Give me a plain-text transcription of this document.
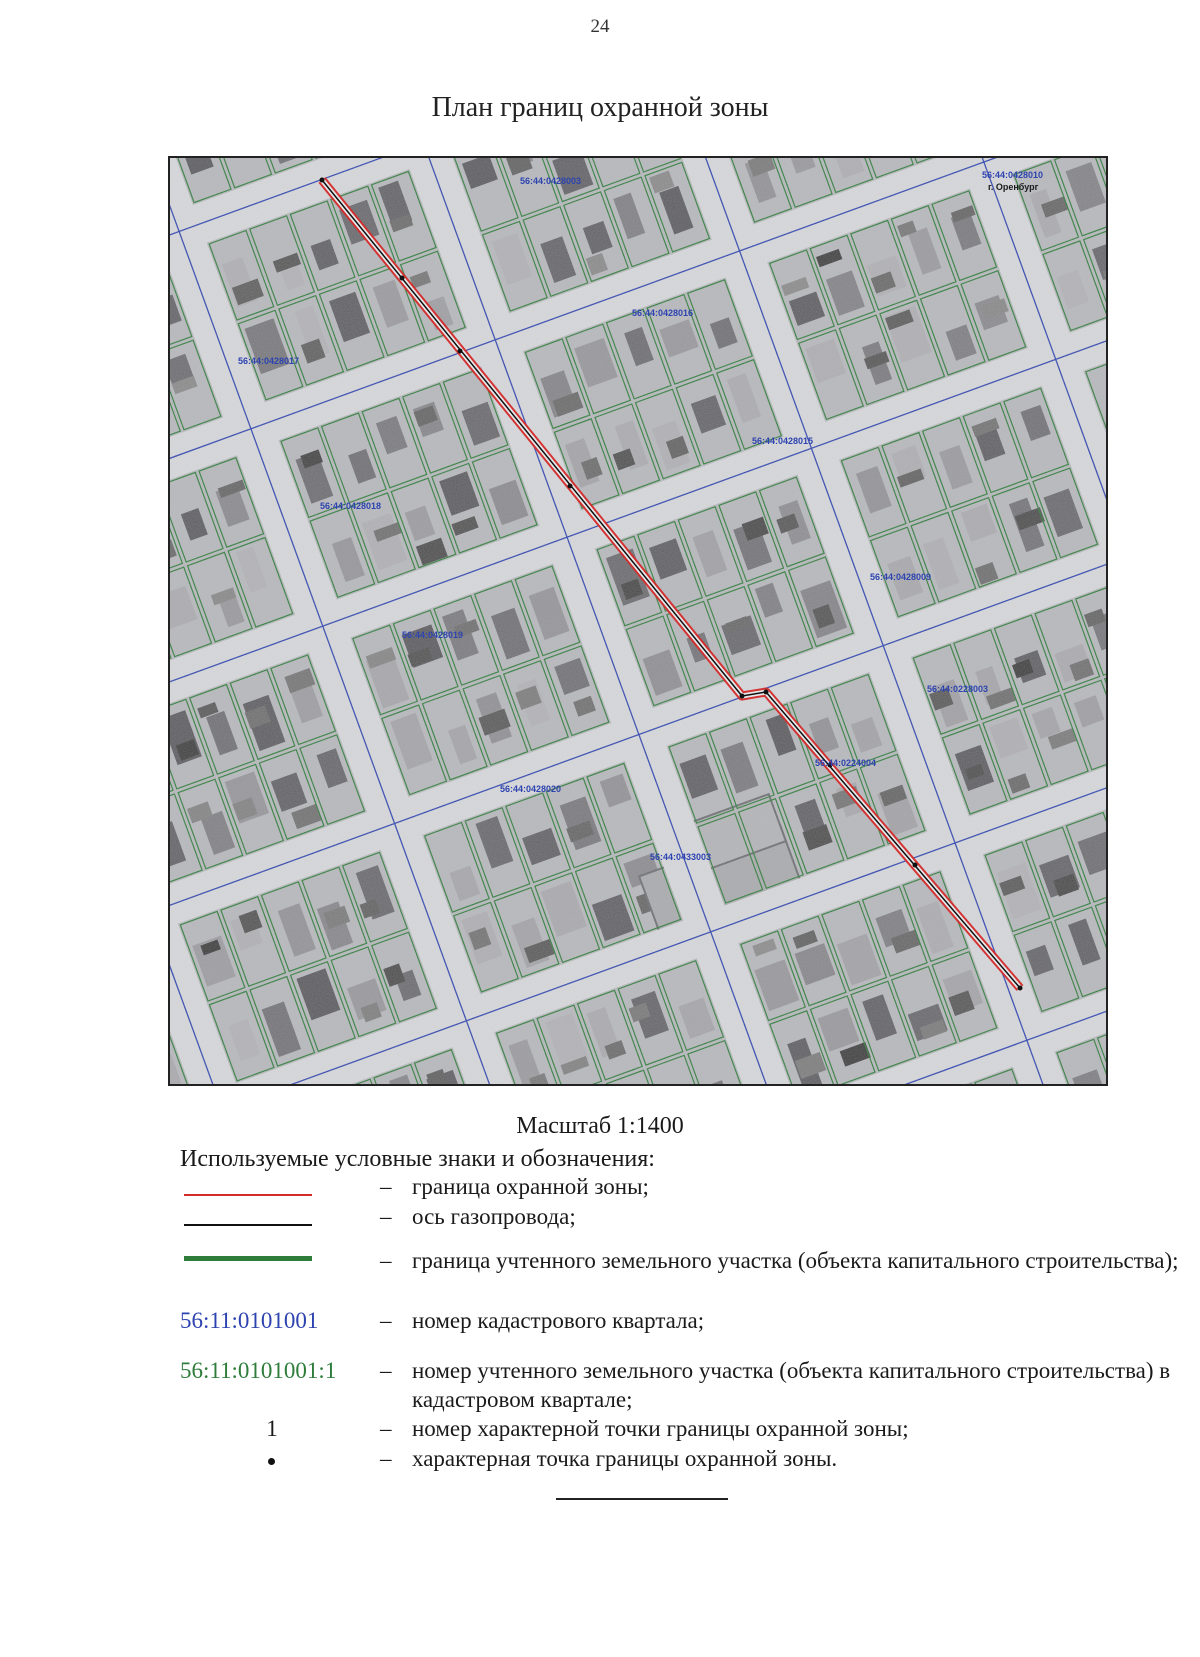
24
План границ охранной зоны
56:44:0428003
56:44:0428010
г. Оренбург
56:44:0428016
56:44:0428017
56:44:0428015
56:44:0428018
56:44:0428009
56:44:0428019
56:44:0228003
56:44:0428020
56:44:0224004
56:44:0433003
Масштаб 1:1400
Используемые условные знаки и обозначения:
– граница охранной зоны;
– ось газопровода;
– граница учтенного земельного участка (объекта капитального строительства);
56:11:0101001	– номер кадастрового квартала;
56:11:0101001:1 – номер учтенного земельного участка (объекта капитального строительства) в кадастровом квартале;
1	– номер характерной точки границы охранной зоны;
– характерная точка границы охранной зоны.
